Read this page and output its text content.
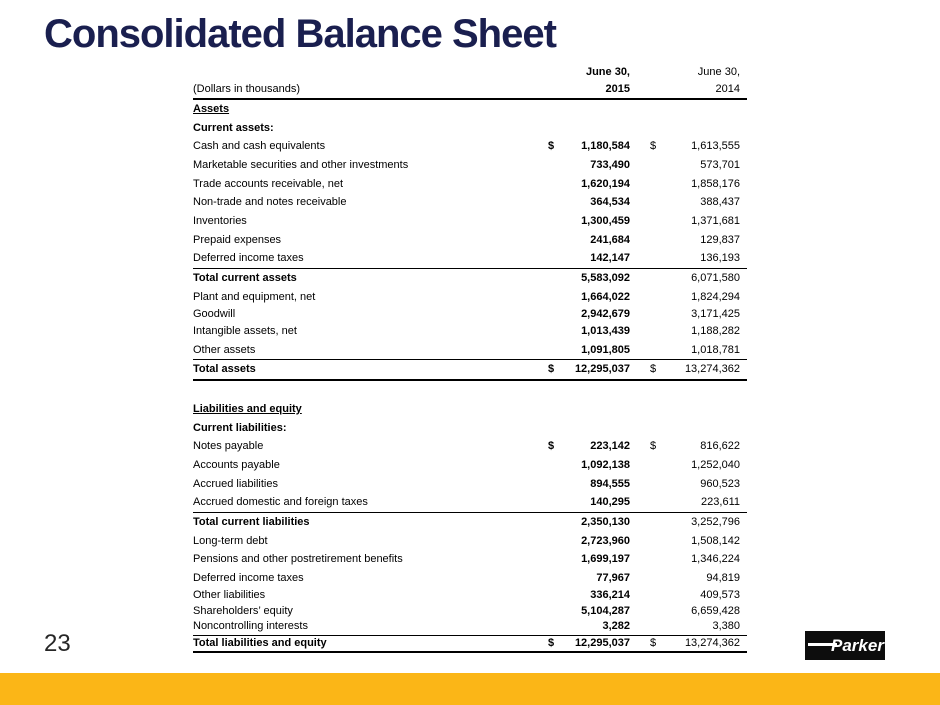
Consolidated Balance Sheet
June 30,	June 30,
(Dollars in thousands)	2015	2014
Assets
Current assets:
Cash and cash equivalents	$	1,180,584 $	1,613,555
Marketable securities and other investments	733,490	573,701
Trade accounts receivable, net	1,620,194	1,858,176
Non-trade and notes receivable	364,534	388,437
Inventories	1,300,459	1,371,681
Prepaid expenses	241,684	129,837
Deferred income taxes	142,147	136,193
Total current assets	5,583,092	6,071,580
Plant and equipment, net	1,664,022	1,824,294
Goodwill	2,942,679	3,171,425
Intangible assets, net	1,013,439	1,188,282
Other assets	1,091,805	1,018,781
Total assets	$	12,295,037 $	13,274,362
Liabilities and equity
Current liabilities:
Notes payable	$	223,142 $	816,622
Accounts payable	1,092,138	1,252,040
Accrued liabilities	894,555	960,523
Accrued domestic and foreign taxes	140,295	223,611
Total current liabilities	2,350,130	3,252,796
Long-term debt	2,723,960	1,508,142
Pensions and other postretirement benefits	1,699,197	1,346,224
Deferred income taxes	77,967	94,819
Other liabilities	336,214	409,573
Shareholders’ equity	5,104,287	6,659,428
Noncontrolling interests	3,282	3,380
Total liabilities and equity	$	12,295,037 $	13,274,362
23	Parker
